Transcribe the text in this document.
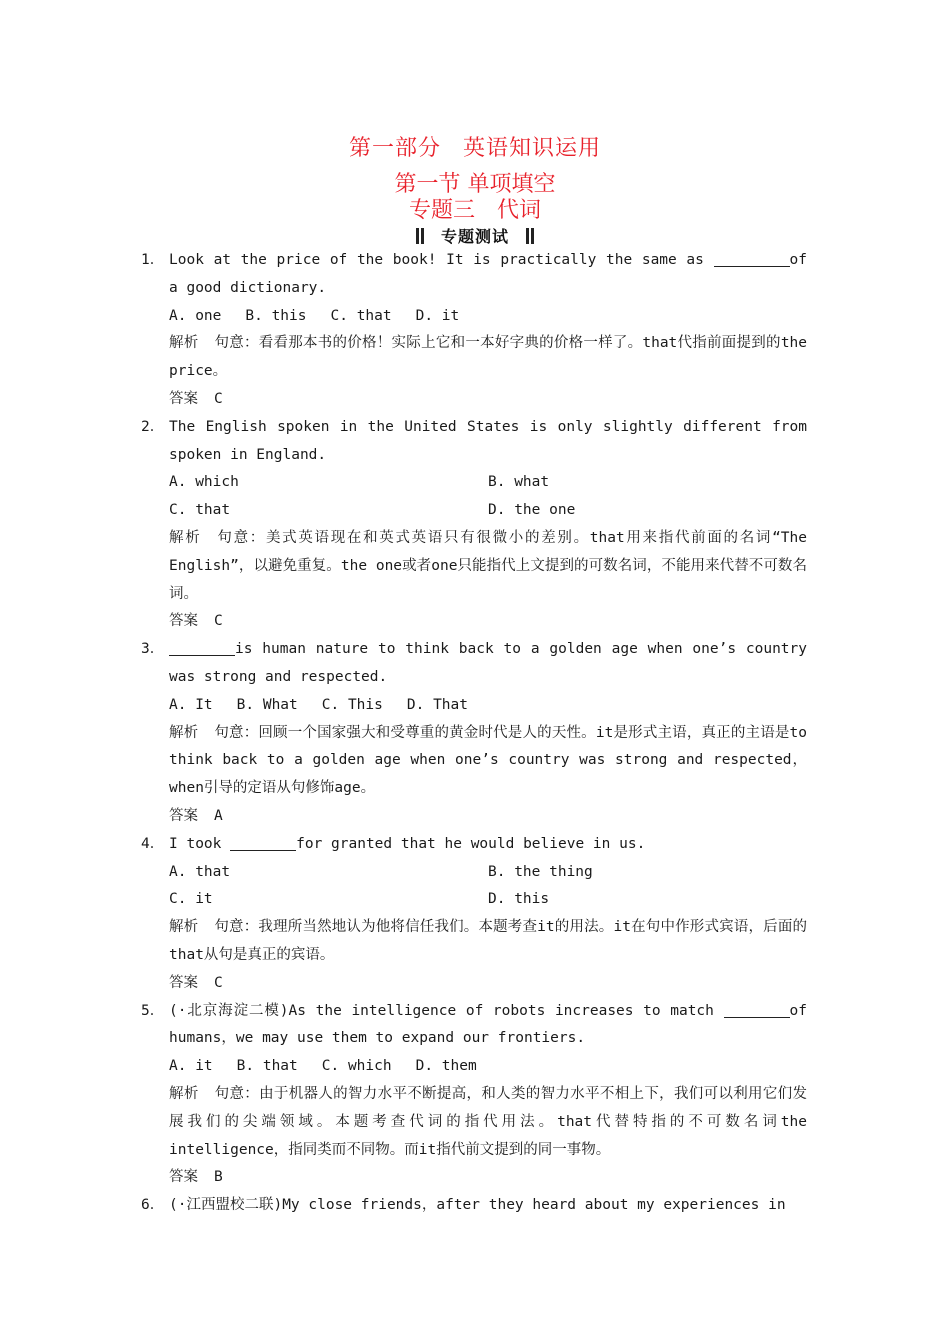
第一部分 英语知识运用
第一节 单项填空
专题三 代词
专题测试
1． Look at the price of the book! It is practically the same as	of a good dictionary.
A. one B. this C. that D. it
解析 句意：看看那本书的价格！实际上它和一本好字典的价格一样了。that代指前面提到的the price。
答案 C
2． The English spoken in the United States is only slightly different from spoken in England.
A. which	B. what
C. that	D. the one
解析 句意：美式英语现在和英式英语只有很微小的差别。that用来指代前面的名词“The English”，以避免重复。the one或者one只能指代上文提到的可数名词，不能用来代替不可数名词。
答案 C
3．	is human nature to think back to a golden age when one’s country was strong and respected.
A. It B. What C. This D. That
解析 句意：回顾一个国家强大和受尊重的黄金时代是人的天性。it是形式主语，真正的主语是to think back to a golden age when one’s country was strong and respected，when引导的定语从句修饰age。
答案 A
4． I took	for granted that he would believe in us.
A. that	B. the thing
C. it	D. this
解析 句意：我理所当然地认为他将信任我们。本题考查it的用法。it在句中作形式宾语，后面的that从句是真正的宾语。
答案 C
5． (·北京海淀二模)As the intelligence of robots increases to match	of humans，we may use them to expand our frontiers.
A. it B. that C. which D. them
解析 句意：由于机器人的智力水平不断提高，和人类的智力水平不相上下，我们可以利用它们发展我们的尖端领域。本题考查代词的指代用法。that代替特指的不可数名词the intelligence，指同类而不同物。而it指代前文提到的同一事物。
答案 B
6． (·江西盟校二联)My close friends，after they heard about my experiences in
